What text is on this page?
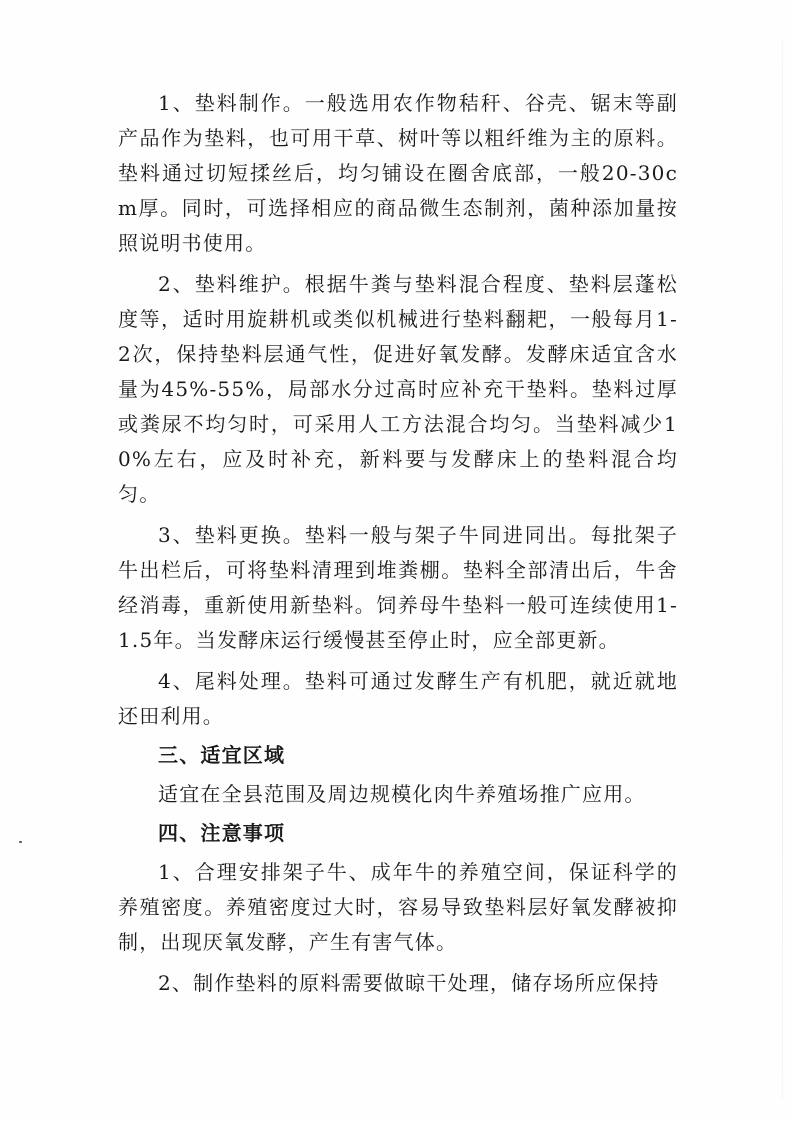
1、垫料制作。一般选用农作物秸秆、谷壳、锯末等副产品作为垫料，也可用干草、树叶等以粗纤维为主的原料。垫料通过切短揉丝后，均匀铺设在圈舍底部，一般20-30cm厚。同时，可选择相应的商品微生态制剂，菌种添加量按照说明书使用。

2、垫料维护。根据牛粪与垫料混合程度、垫料层蓬松度等，适时用旋耕机或类似机械进行垫料翻耙，一般每月1-2次，保持垫料层通气性，促进好氧发酵。发酵床适宜含水量为45%-55%，局部水分过高时应补充干垫料。垫料过厚或粪尿不均匀时，可采用人工方法混合均匀。当垫料减少10%左右，应及时补充，新料要与发酵床上的垫料混合均匀。

3、垫料更换。垫料一般与架子牛同进同出。每批架子牛出栏后，可将垫料清理到堆粪棚。垫料全部清出后，牛舍经消毒，重新使用新垫料。饲养母牛垫料一般可连续使用1-1.5年。当发酵床运行缓慢甚至停止时，应全部更新。

4、尾料处理。垫料可通过发酵生产有机肥，就近就地还田利用。

三、适宜区域

适宜在全县范围及周边规模化肉牛养殖场推广应用。

四、注意事项

1、合理安排架子牛、成年牛的养殖空间，保证科学的养殖密度。养殖密度过大时，容易导致垫料层好氧发酵被抑制，出现厌氧发酵，产生有害气体。

2、制作垫料的原料需要做晾干处理，储存场所应保持
